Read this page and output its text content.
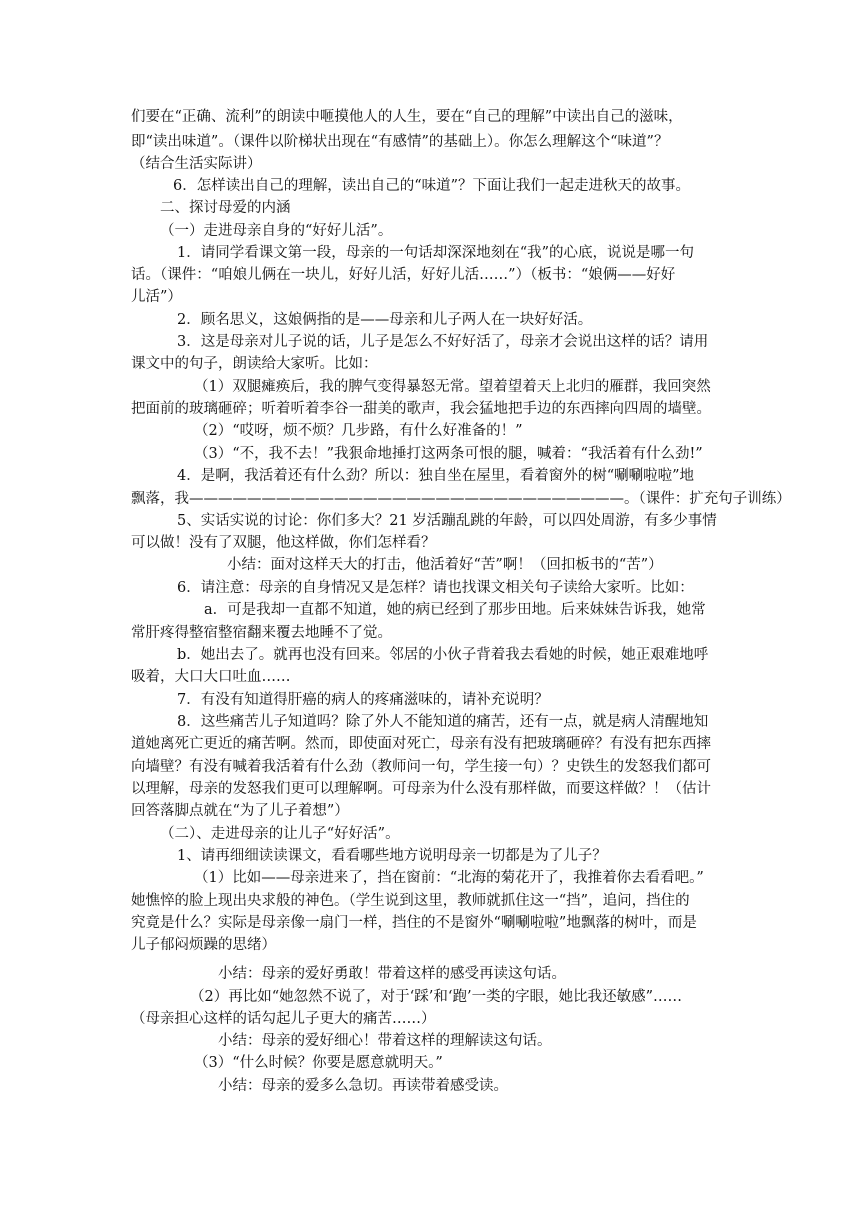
们要在“正确、流利”的朗读中咂摸他人的人生，要在“自己的理解”中读出自己的滋味，
即“读出味道”。（课件以阶梯状出现在“有感情”的基础上）。你怎么理解这个“味道”？
（结合生活实际讲）
6．怎样读出自己的理解，读出自己的“味道”？下面让我们一起走进秋天的故事。
二、探讨母爱的内涵
（一）走进母亲自身的“好好儿活”。
1．请同学看课文第一段，母亲的一句话却深深地刻在“我”的心底，说说是哪一句
话。（课件：“咱娘儿俩在一块儿，好好儿活，好好儿活……”）（板书：“娘俩——好好
儿活”）
2．顾名思义，这娘俩指的是——母亲和儿子两人在一块好好活。
3．这是母亲对儿子说的话，儿子是怎么不好好活了，母亲才会说出这样的话？请用
课文中的句子，朗读给大家听。比如：
（1）双腿瘫痪后，我的脾气变得暴怒无常。望着望着天上北归的雁群，我回突然
把面前的玻璃砸碎；听着听着李谷一甜美的歌声，我会猛地把手边的东西摔向四周的墙壁。
（2）“哎呀，烦不烦？几步路，有什么好准备的！”
（3）“不，我不去！”我狠命地捶打这两条可恨的腿，喊着：“我活着有什么劲!”
4．是啊，我活着还有什么劲？所以：独自坐在屋里，看着窗外的树“唰唰啦啦”地
飘落，我——————————————————————————————。（课件：扩充句子训练）
5、实话实说的讨论：你们多大？21 岁活蹦乱跳的年龄，可以四处周游，有多少事情
可以做！没有了双腿，他这样做，你们怎样看？
小结：面对这样天大的打击，他活着好“苦”啊！（回扣板书的“苦”）
6．请注意：母亲的自身情况又是怎样？请也找课文相关句子读给大家听。比如：
a．可是我却一直都不知道，她的病已经到了那步田地。后来妹妹告诉我，她常
常肝疼得整宿整宿翻来覆去地睡不了觉。
b．她出去了。就再也没有回来。邻居的小伙子背着我去看她的时候，她正艰难地呼
吸着，大口大口吐血……
7．有没有知道得肝癌的病人的疼痛滋味的，请补充说明？
8．这些痛苦儿子知道吗？除了外人不能知道的痛苦，还有一点，就是病人清醒地知
道她离死亡更近的痛苦啊。然而，即使面对死亡，母亲有没有把玻璃砸碎？有没有把东西摔
向墙壁？有没有喊着我活着有什么劲（教师问一句，学生接一句）？史铁生的发怒我们都可
以理解，母亲的发怒我们更可以理解啊。可母亲为什么没有那样做，而要这样做？！（估计
回答落脚点就在“为了儿子着想”）
（二）、走进母亲的让儿子“好好活”。
1、请再细细读读课文，看看哪些地方说明母亲一切都是为了儿子？
（1）比如——母亲进来了，挡在窗前：“北海的菊花开了，我推着你去看看吧。”
她憔悴的脸上现出央求般的神色。（学生说到这里，教师就抓住这一“挡”，追问，挡住的
究竟是什么？实际是母亲像一扇门一样，挡住的不是窗外“唰唰啦啦”地飘落的树叶，而是
儿子郁闷烦躁的思绪）
小结：母亲的爱好勇敢！带着这样的感受再读这句话。
（2）再比如“她忽然不说了，对于‘踩’和‘跑’一类的字眼，她比我还敏感”……
（母亲担心这样的话勾起儿子更大的痛苦……）
小结：母亲的爱好细心！带着这样的理解读这句话。
（3）“什么时候？你要是愿意就明天。”
小结：母亲的爱多么急切。再读带着感受读。
